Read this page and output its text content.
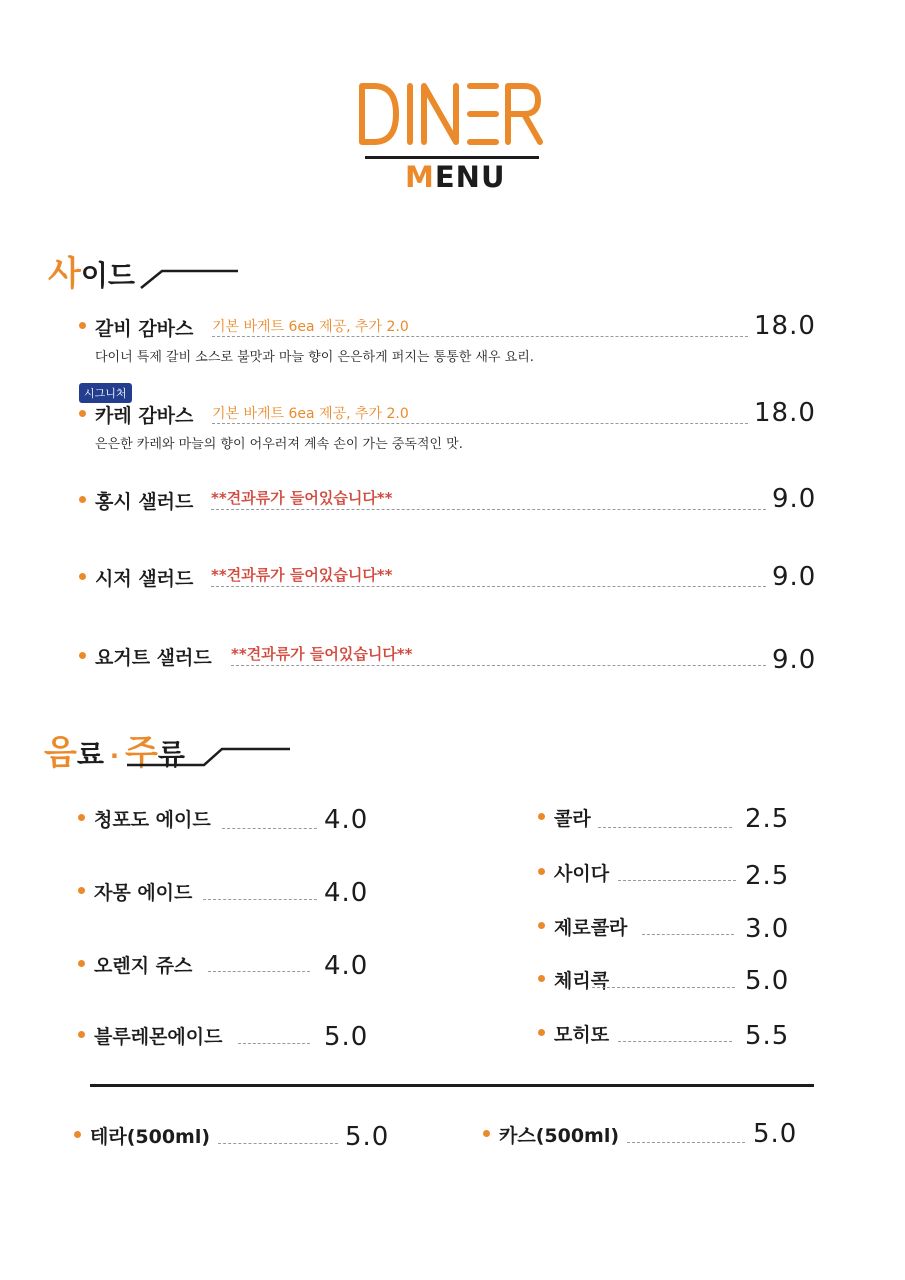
MENU
사이드
갈비 감바스 기본 바게트 6ea 제공, 추가 2.0	18.0
다이너 특제 갈비 소스로 불맛과 마늘 향이 은은하게 퍼지는 통통한 새우 요리.
시그니처
카레 감바스 기본 바게트 6ea 제공, 추가 2.0	18.0
은은한 카레와 마늘의 향이 어우러져 계속 손이 가는 중독적인 맛.
홍시 샐러드 **견과류가 들어있습니다**	9.0
시저 샐러드 **견과류가 들어있습니다**	9.0
요거트 샐러드 **견과류가 들어있습니다**	9.0
음료 · 주류
청포도 에이드	4.0
자몽 에이드	4.0
오렌지 쥬스	4.0
블루레몬에이드	5.0
콜라	2.5
사이다	2.5
제로콜라	3.0
체리콕	5.0
모히또	5.5
테라(500ml)	5.0	카스(500ml)	5.0
